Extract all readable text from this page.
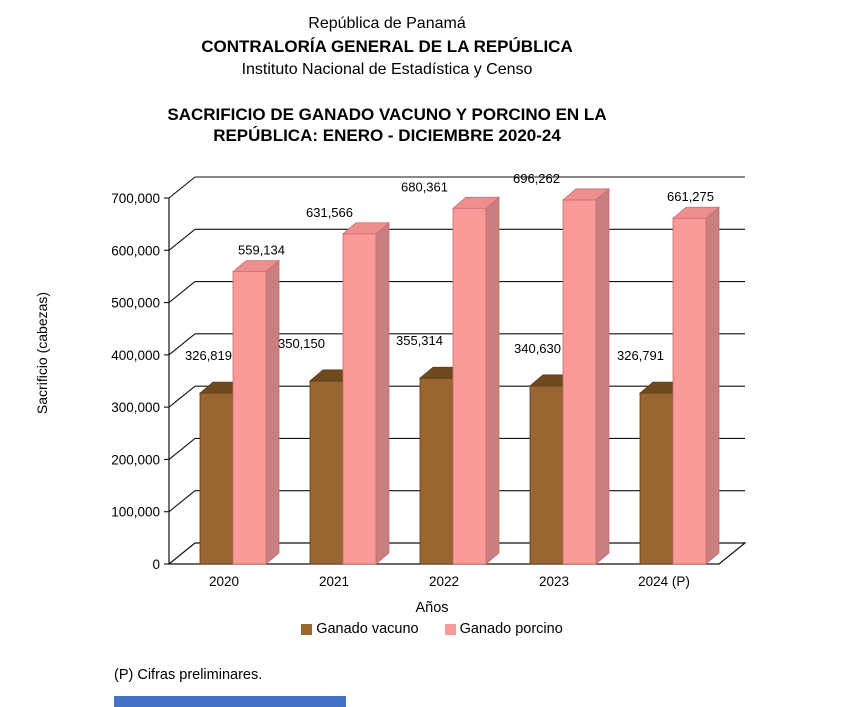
República de Panamá

CONTRALORÍA GENERAL DE LA REPÚBLICA

Instituto Nacional de Estadística y Censo

SACRIFICIO DE GANADO VACUNO Y PORCINO EN LA

REPÚBLICA: ENERO - DICIEMBRE 2020-24

Sacrificio (cabezas)
Años
0
100,000
200,000
300,000
400,000
500,000
600,000
700,000
326,819
559,134
2020
350,150
631,566
2021
355,314
680,361
2022
340,630
696,262
2023
326,791
661,275
2024 (P)
Ganado vacuno	Ganado porcino

(P) Cifras preliminares.
